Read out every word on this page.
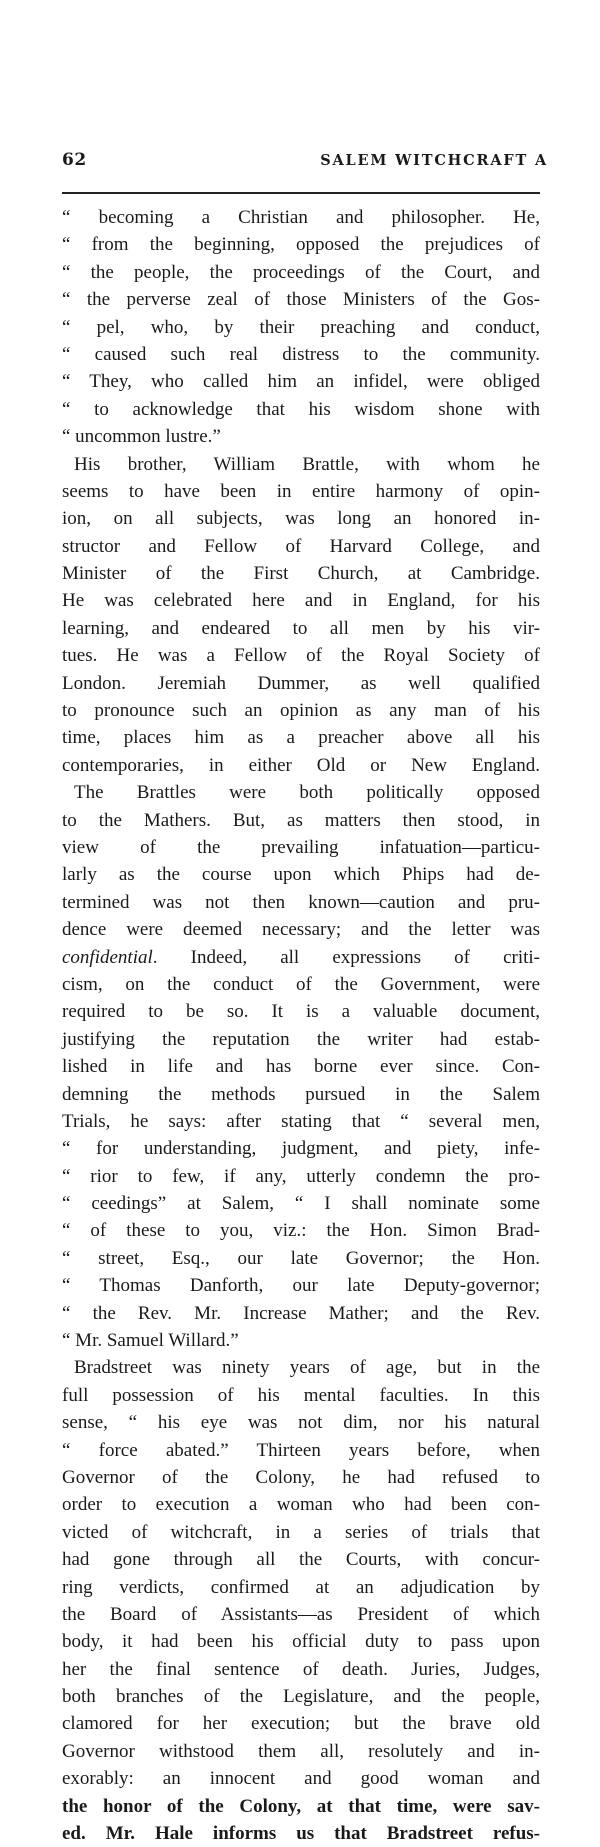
62	SALEM WITCHCRAFT A
“ becoming a Christian and philosopher. He,
“ from the beginning, opposed the prejudices of
“ the people, the proceedings of the Court, and
“ the perverse zeal of those Ministers of the Gos-
“ pel, who, by their preaching and conduct,
“ caused such real distress to the community.
“ They, who called him an infidel, were obliged
“ to acknowledge that his wisdom shone with
“ uncommon lustre.”
His brother, William Brattle, with whom he
seems to have been in entire harmony of opin-
ion, on all subjects, was long an honored in-
structor and Fellow of Harvard College, and
Minister of the First Church, at Cambridge.
He was celebrated here and in England, for his
learning, and endeared to all men by his vir-
tues. He was a Fellow of the Royal Society of
London. Jeremiah Dummer, as well qualified
to pronounce such an opinion as any man of his
time, places him as a preacher above all his
contemporaries, in either Old or New England.
The Brattles were both politically opposed
to the Mathers. But, as matters then stood, in
view of the prevailing infatuation—particu-
larly as the course upon which Phips had de-
termined was not then known—caution and pru-
dence were deemed necessary; and the letter was
confidential. Indeed, all expressions of criti-
cism, on the conduct of the Government, were
required to be so. It is a valuable document,
justifying the reputation the writer had estab-
lished in life and has borne ever since. Con-
demning the methods pursued in the Salem
Trials, he says: after stating that “ several men,
“ for understanding, judgment, and piety, infe-
“ rior to few, if any, utterly condemn the pro-
“ ceedings” at Salem, “ I shall nominate some
“ of these to you, viz.: the Hon. Simon Brad-
“ street, Esq., our late Governor; the Hon.
“ Thomas Danforth, our late Deputy-governor;
“ the Rev. Mr. Increase Mather; and the Rev.
“ Mr. Samuel Willard.”
Bradstreet was ninety years of age, but in the
full possession of his mental faculties. In this
sense, “ his eye was not dim, nor his natural
“ force abated.” Thirteen years before, when
Governor of the Colony, he had refused to
order to execution a woman who had been con-
victed of witchcraft, in a series of trials that
had gone through all the Courts, with concur-
ring verdicts, confirmed at an adjudication by
the Board of Assistants—as President of which
body, it had been his official duty to pass upon
her the final sentence of death. Juries, Judges,
both branches of the Legislature, and the people,
clamored for her execution; but the brave old
Governor withstood them all, resolutely and in-
exorably: an innocent and good woman and
the honor of the Colony, at that time, were sav-
ed. Mr. Hale informs us that Bradstreet refus-
